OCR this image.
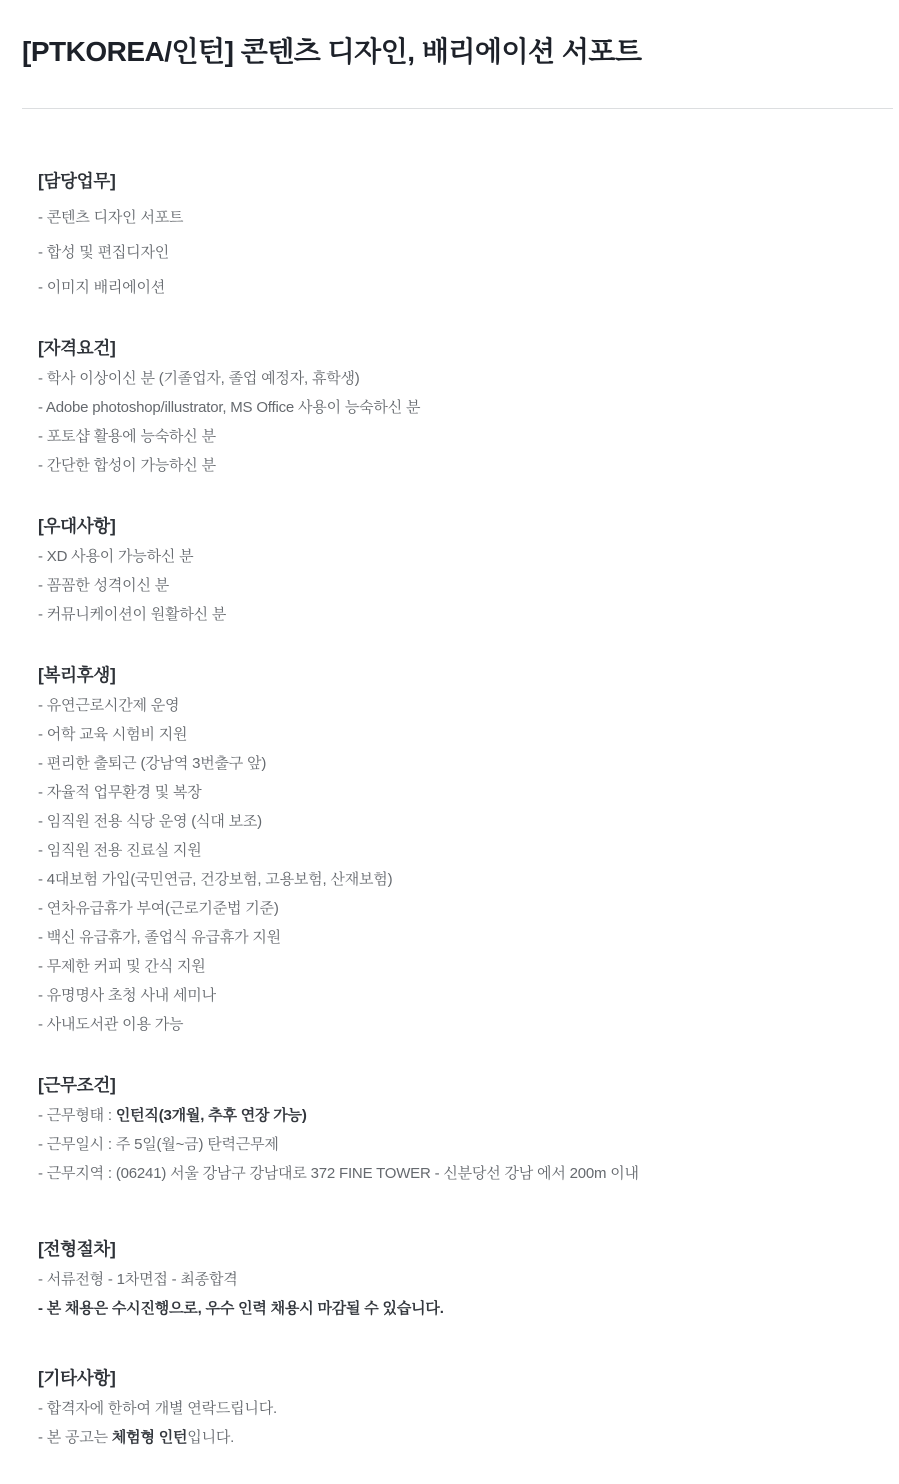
[PTKOREA/인턴] 콘텐츠 디자인, 배리에이션 서포트
[담당업무]

- 콘텐츠 디자인 서포트

- 합성 및 편집디자인

- 이미지 배리에이션

[자격요건]

- 학사 이상이신 분 (기졸업자, 졸업 예정자, 휴학생)

- Adobe photoshop/illustrator, MS Office 사용이 능숙하신 분

- 포토샵 활용에 능숙하신 분

- 간단한 합성이 가능하신 분

[우대사항]

- XD 사용이 가능하신 분

- 꼼꼼한 성격이신 분

- 커뮤니케이션이 원활하신 분

[복리후생]

- 유연근로시간제 운영

- 어학 교육 시험비 지원

- 편리한 출퇴근 (강남역 3번출구 앞)

- 자율적 업무환경 및 복장

- 임직원 전용 식당 운영 (식대 보조)

- 임직원 전용 진료실 지원

- 4대보험 가입(국민연금, 건강보험, 고용보험, 산재보험)

- 연차유급휴가 부여(근로기준법 기준)

- 백신 유급휴가, 졸업식 유급휴가 지원

- 무제한 커피 및 간식 지원

- 유명명사 초청 사내 세미나

- 사내도서관 이용 가능

[근무조건]

- 근무형태 : 인턴직(3개월, 추후 연장 가능)

- 근무일시 : 주 5일(월~금) 탄력근무제

- 근무지역 : (06241) 서울 강남구 강남대로 372 FINE TOWER - 신분당선 강남 에서 200m 이내

[전형절차]

- 서류전형 - 1차면접 - 최종합격

- 본 채용은 수시진행으로, 우수 인력 채용시 마감될 수 있습니다.

[기타사항]

- 합격자에 한하여 개별 연락드립니다.

- 본 공고는 체험형 인턴입니다.
